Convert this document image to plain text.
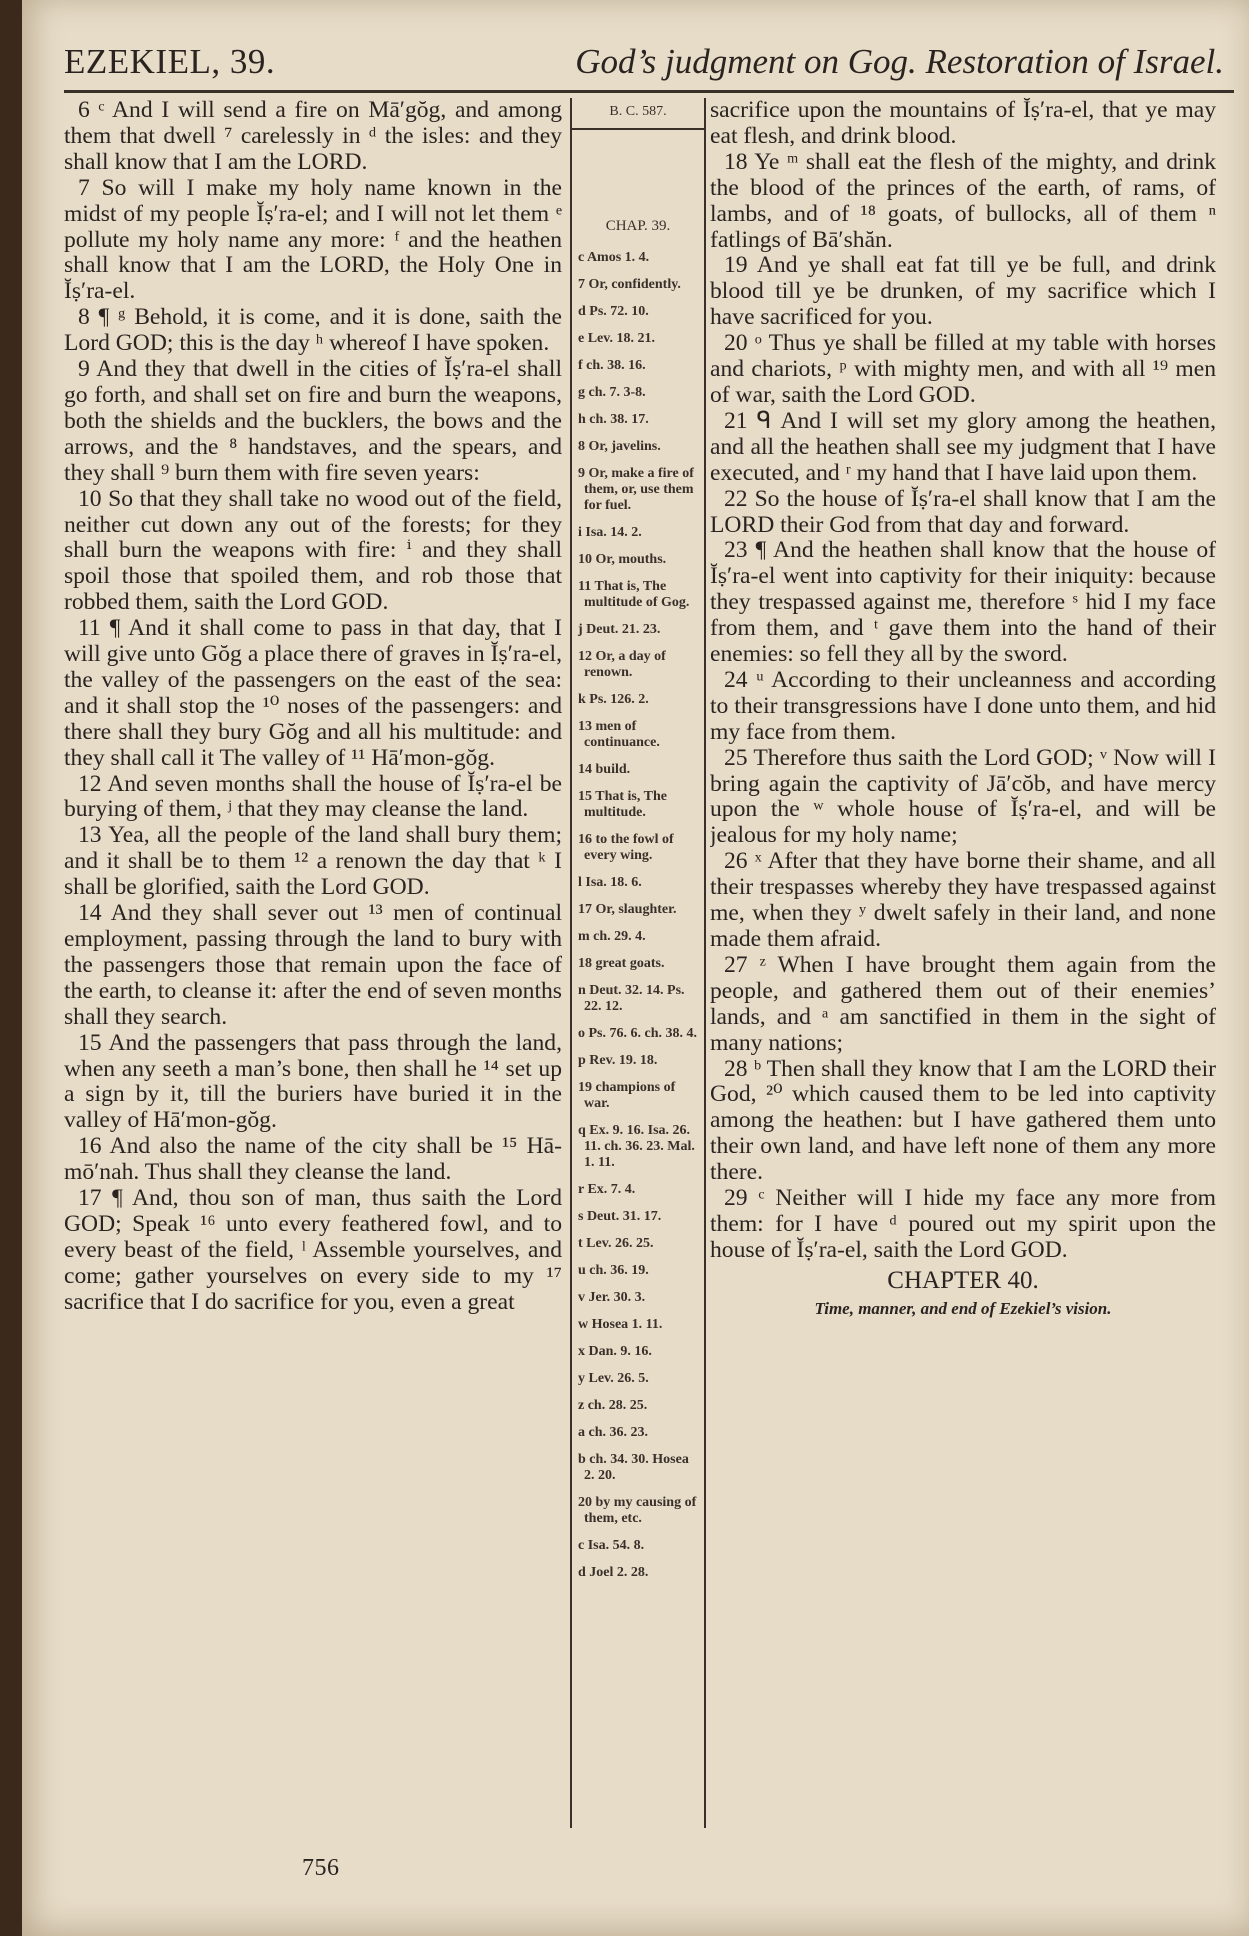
EZEKIEL, 39.	God’s judgment on Gog. Restoration of Israel.

6 ᶜ And I will send a fire on Mā′gŏg, and among them that dwell ⁷ carelessly in ᵈ the isles: and they shall know that I am the LORD.

7 So will I make my holy name known in the midst of my people Ĭṣ′ra-el; and I will not let them ᵉ pollute my holy name any more: ᶠ and the heathen shall know that I am the LORD, the Holy One in Ĭṣ′ra-el.

8 ¶ ᵍ Behold, it is come, and it is done, saith the Lord GOD; this is the day ʰ whereof I have spoken.

9 And they that dwell in the cities of Ĭṣ′ra-el shall go forth, and shall set on fire and burn the weapons, both the shields and the bucklers, the bows and the arrows, and the ⁸ handstaves, and the spears, and they shall ⁹ burn them with fire seven years:

10 So that they shall take no wood out of the field, neither cut down any out of the forests; for they shall burn the weapons with fire: ⁱ and they shall spoil those that spoiled them, and rob those that robbed them, saith the Lord GOD.

11 ¶ And it shall come to pass in that day, that I will give unto Gŏg a place there of graves in Ĭṣ′ra-el, the valley of the passengers on the east of the sea: and it shall stop the ¹⁰ noses of the passengers: and there shall they bury Gŏg and all his multitude: and they shall call it The valley of ¹¹ Hā′mon-gŏg.

12 And seven months shall the house of Ĭṣ′ra-el be burying of them, ʲ that they may cleanse the land.

13 Yea, all the people of the land shall bury them; and it shall be to them ¹² a renown the day that ᵏ I shall be glorified, saith the Lord GOD.

14 And they shall sever out ¹³ men of continual employment, passing through the land to bury with the passengers those that remain upon the face of the earth, to cleanse it: after the end of seven months shall they search.

15 And the passengers that pass through the land, when any seeth a man’s bone, then shall he ¹⁴ set up a sign by it, till the buriers have buried it in the valley of Hā′mon-gŏg.

16 And also the name of the city shall be ¹⁵ Hā-mō′nah. Thus shall they cleanse the land.

17 ¶ And, thou son of man, thus saith the Lord GOD; Speak ¹⁶ unto every feathered fowl, and to every beast of the field, ˡ Assemble yourselves, and come; gather yourselves on every side to my ¹⁷ sacrifice that I do sacrifice for you, even a great

B. C. 587.
CHAP. 39.
c Amos 1. 4.
7 Or, confidently.
d Ps. 72. 10.
e Lev. 18. 21.
f ch. 38. 16.
g ch. 7. 3-8.
h ch. 38. 17.
8 Or, javelins.
9 Or, make a fire of them, or, use them for fuel.
i Isa. 14. 2.
10 Or, mouths.
11 That is, The multitude of Gog.
j Deut. 21. 23.
12 Or, a day of renown.
k Ps. 126. 2.
13 men of continuance.
14 build.
15 That is, The multitude.
16 to the fowl of every wing.
l Isa. 18. 6.
17 Or, slaughter.
m ch. 29. 4.
18 great goats.
n Deut. 32. 14. Ps. 22. 12.
o Ps. 76. 6. ch. 38. 4.
p Rev. 19. 18.
19 champions of war.
q Ex. 9. 16. Isa. 26. 11. ch. 36. 23. Mal. 1. 11.
r Ex. 7. 4.
s Deut. 31. 17.
t Lev. 26. 25.
u ch. 36. 19.
v Jer. 30. 3.
w Hosea 1. 11.
x Dan. 9. 16.
y Lev. 26. 5.
z ch. 28. 25.
a ch. 36. 23.
b ch. 34. 30. Hosea 2. 20.
20 by my causing of them, etc.
c Isa. 54. 8.
d Joel 2. 28.

sacrifice upon the mountains of Ĭṣ′ra-el, that ye may eat flesh, and drink blood.

18 Ye ᵐ shall eat the flesh of the mighty, and drink the blood of the princes of the earth, of rams, of lambs, and of ¹⁸ goats, of bullocks, all of them ⁿ fatlings of Bā′shăn.

19 And ye shall eat fat till ye be full, and drink blood till ye be drunken, of my sacrifice which I have sacrificed for you.

20 ᵒ Thus ye shall be filled at my table with horses and chariots, ᵖ with mighty men, and with all ¹⁹ men of war, saith the Lord GOD.

21 ᑫ And I will set my glory among the heathen, and all the heathen shall see my judgment that I have executed, and ʳ my hand that I have laid upon them.

22 So the house of Ĭṣ′ra-el shall know that I am the LORD their God from that day and forward.

23 ¶ And the heathen shall know that the house of Ĭṣ′ra-el went into captivity for their iniquity: because they trespassed against me, therefore ˢ hid I my face from them, and ᵗ gave them into the hand of their enemies: so fell they all by the sword.

24 ᵘ According to their uncleanness and according to their transgressions have I done unto them, and hid my face from them.

25 Therefore thus saith the Lord GOD; ᵛ Now will I bring again the captivity of Jā′cŏb, and have mercy upon the ʷ whole house of Ĭṣ′ra-el, and will be jealous for my holy name;

26 ˣ After that they have borne their shame, and all their trespasses whereby they have trespassed against me, when they ʸ dwelt safely in their land, and none made them afraid.

27 ᶻ When I have brought them again from the people, and gathered them out of their enemies’ lands, and ᵃ am sanctified in them in the sight of many nations;

28 ᵇ Then shall they know that I am the LORD their God, ²⁰ which caused them to be led into captivity among the heathen: but I have gathered them unto their own land, and have left none of them any more there.

29 ᶜ Neither will I hide my face any more from them: for I have ᵈ poured out my spirit upon the house of Ĭṣ′ra-el, saith the Lord GOD.

CHAPTER 40.

Time, manner, and end of Ezekiel’s vision.

756
